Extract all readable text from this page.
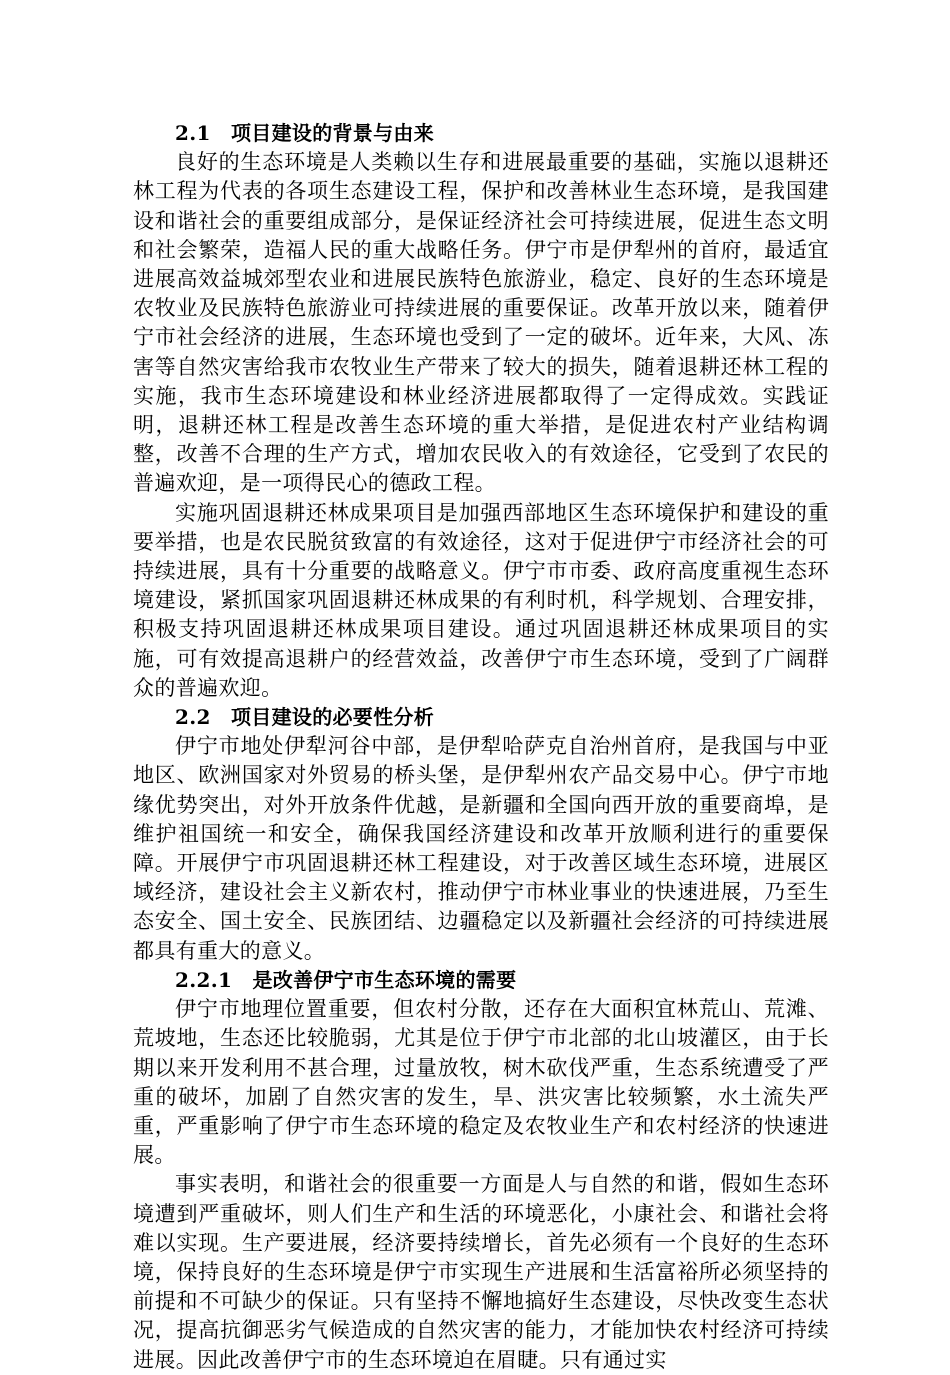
2.1　项目建设的背景与由来

良好的生态环境是人类赖以生存和进展最重要的基础，实施以退耕还林工程为代表的各项生态建设工程，保护和改善林业生态环境，是我国建设和谐社会的重要组成部分，是保证经济社会可持续进展，促进生态文明和社会繁荣，造福人民的重大战略任务。伊宁市是伊犁州的首府，最适宜进展高效益城郊型农业和进展民族特色旅游业，稳定、良好的生态环境是农牧业及民族特色旅游业可持续进展的重要保证。改革开放以来，随着伊宁市社会经济的进展，生态环境也受到了一定的破坏。近年来，大风、冻害等自然灾害给我市农牧业生产带来了较大的损失，随着退耕还林工程的实施，我市生态环境建设和林业经济进展都取得了一定得成效。实践证明，退耕还林工程是改善生态环境的重大举措，是促进农村产业结构调整，改善不合理的生产方式，增加农民收入的有效途径，它受到了农民的普遍欢迎，是一项得民心的德政工程。

实施巩固退耕还林成果项目是加强西部地区生态环境保护和建设的重要举措，也是农民脱贫致富的有效途径，这对于促进伊宁市经济社会的可持续进展，具有十分重要的战略意义。伊宁市市委、政府高度重视生态环境建设，紧抓国家巩固退耕还林成果的有利时机，科学规划、合理安排，积极支持巩固退耕还林成果项目建设。通过巩固退耕还林成果项目的实施，可有效提高退耕户的经营效益，改善伊宁市生态环境，受到了广阔群众的普遍欢迎。

2.2　项目建设的必要性分析

伊宁市地处伊犁河谷中部，是伊犁哈萨克自治州首府，是我国与中亚地区、欧洲国家对外贸易的桥头堡，是伊犁州农产品交易中心。伊宁市地缘优势突出，对外开放条件优越，是新疆和全国向西开放的重要商埠，是维护祖国统一和安全，确保我国经济建设和改革开放顺利进行的重要保障。开展伊宁市巩固退耕还林工程建设，对于改善区域生态环境，进展区域经济，建设社会主义新农村，推动伊宁市林业事业的快速进展，乃至生态安全、国土安全、民族团结、边疆稳定以及新疆社会经济的可持续进展都具有重大的意义。

2.2.1　是改善伊宁市生态环境的需要

伊宁市地理位置重要，但农村分散，还存在大面积宜林荒山、荒滩、荒坡地，生态还比较脆弱，尤其是位于伊宁市北部的北山坡灌区，由于长期以来开发利用不甚合理，过量放牧，树木砍伐严重，生态系统遭受了严重的破坏，加剧了自然灾害的发生，旱、洪灾害比较频繁，水土流失严重，严重影响了伊宁市生态环境的稳定及农牧业生产和农村经济的快速进展。

事实表明，和谐社会的很重要一方面是人与自然的和谐，假如生态环境遭到严重破坏，则人们生产和生活的环境恶化，小康社会、和谐社会将难以实现。生产要进展，经济要持续增长，首先必须有一个良好的生态环境，保持良好的生态环境是伊宁市实现生产进展和生活富裕所必须坚持的前提和不可缺少的保证。只有坚持不懈地搞好生态建设，尽快改变生态状况，提高抗御恶劣气候造成的自然灾害的能力，才能加快农村经济可持续进展。因此改善伊宁市的生态环境迫在眉睫。只有通过实
